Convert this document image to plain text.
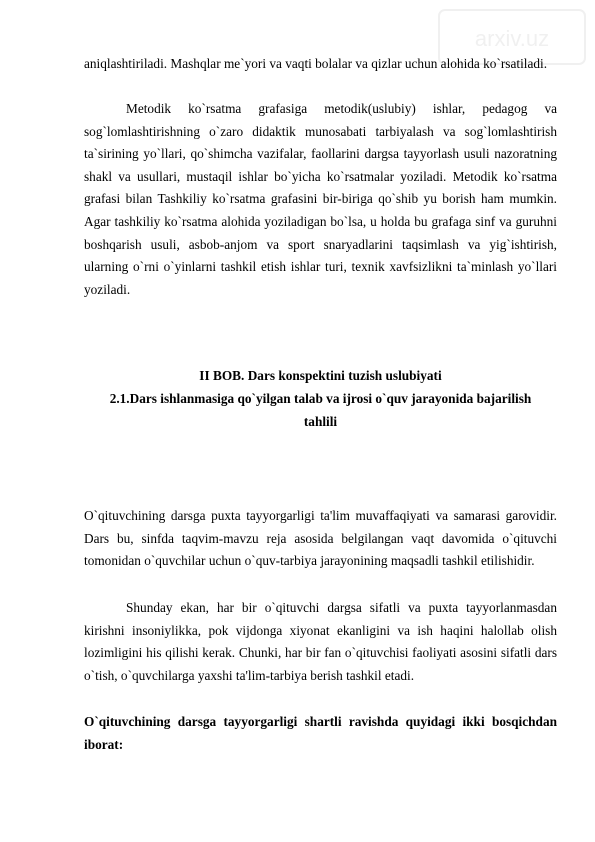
arxiv.uz
aniqlashtiriladi. Mashqlar me`yori va vaqti bolalar va qizlar uchun alohida ko`rsatiladi.
Metodik ko`rsatma grafasiga metodik(uslubiy) ishlar, pedagog va sog`lomlashtirishning o`zaro didaktik munosabati tarbiyalash va sog`lomlashtirish ta`sirining yo`llari, qo`shimcha vazifalar, faollarini dargsa tayyorlash usuli nazoratning shakl va usullari, mustaqil ishlar bo`yicha ko`rsatmalar yoziladi. Metodik ko`rsatma grafasi bilan Tashkiliy ko`rsatma grafasini bir-biriga qo`shib yu borish ham mumkin. Agar tashkiliy ko`rsatma alohida yoziladigan bo`lsa, u holda bu grafaga sinf va guruhni boshqarish usuli, asbob-anjom va sport snaryadlarini taqsimlash va yig`ishtirish, ularning o`rni o`yinlarni tashkil etish ishlar turi, texnik xavfsizlikni ta`minlash yo`llari yoziladi.
II BOB. Dars konspektini tuzish uslubiyati
2.1.Dars ishlanmasiga qo`yilgan talab va ijrosi o`quv jarayonida bajarilish
tahlili
O`qituvchining darsga puxta tayyorgarligi ta'lim muvaffaqiyati va samarasi garovidir. Dars bu, sinfda taqvim-mavzu reja asosida belgilangan vaqt davomida o`qituvchi tomonidan o`quvchilar uchun o`quv-tarbiya jarayonining maqsadli tashkil etilishidir.
Shunday ekan, har bir o`qituvchi dargsa sifatli va puxta tayyorlanmasdan kirishni insoniylikka, pok vijdonga xiyonat ekanligini va ish haqini halollab olish lozimligini his qilishi kerak. Chunki, har bir fan o`qituvchisi faoliyati asosini sifatli dars o`tish, o`quvchilarga yaxshi ta'lim-tarbiya berish tashkil etadi.
O`qituvchining darsga tayyorgarligi shartli ravishda quyidagi ikki bosqichdan iborat:
